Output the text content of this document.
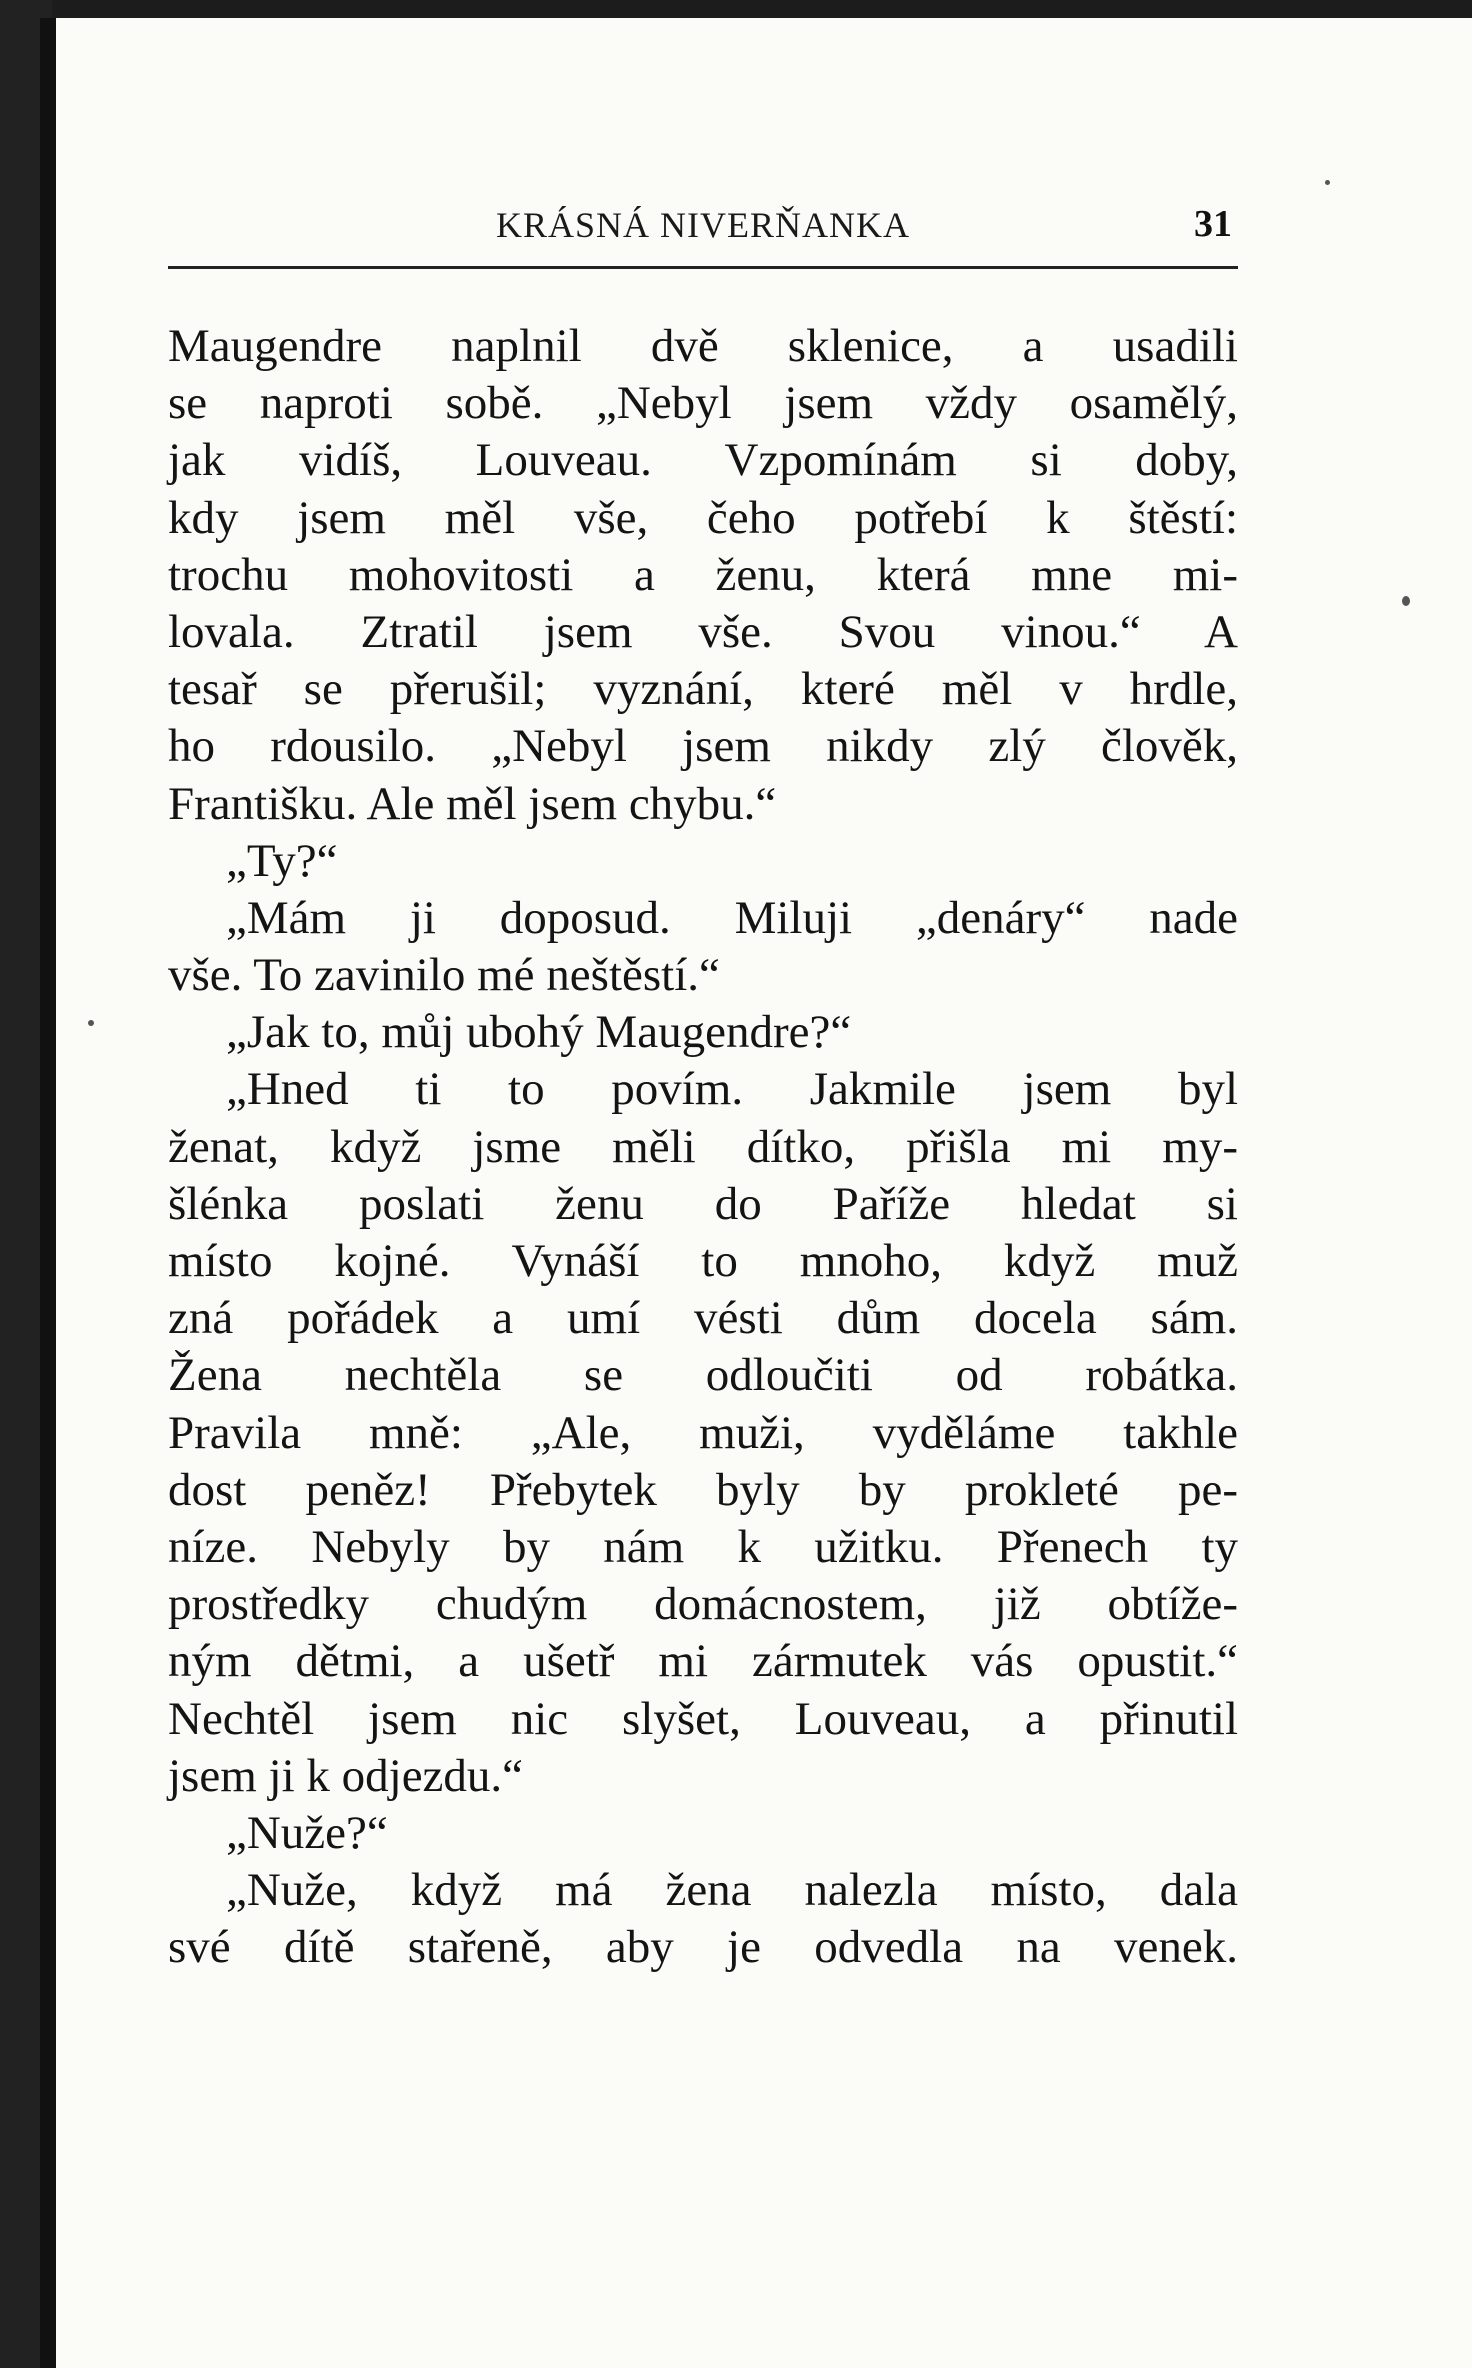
KRÁSNÁ NIVERŇANKA	31
Maugendre naplnil dvě sklenice, a usadili
se naproti sobě. „Nebyl jsem vždy osamělý,
jak vidíš, Louveau. Vzpomínám si doby,
kdy jsem měl vše, čeho potřebí k štěstí:
trochu mohovitosti a ženu, která mne mi-
lovala. Ztratil jsem vše. Svou vinou.“ A
tesař se přerušil; vyznání, které měl v hrdle,
ho rdousilo. „Nebyl jsem nikdy zlý člověk,
Františku. Ale měl jsem chybu.“
„Ty?“
„Mám ji doposud. Miluji „denáry“ nade
vše. To zavinilo mé neštěstí.“
„Jak to, můj ubohý Maugendre?“
„Hned ti to povím. Jakmile jsem byl
ženat, když jsme měli dítko, přišla mi my-
šlénka poslati ženu do Paříže hledat si
místo kojné. Vynáší to mnoho, když muž
zná pořádek a umí vésti dům docela sám.
Žena nechtěla se odloučiti od robátka.
Pravila mně: „Ale, muži, vyděláme takhle
dost peněz! Přebytek byly by prokleté pe-
níze. Nebyly by nám k užitku. Přenech ty
prostředky chudým domácnostem, již obtíže-
ným dětmi, a ušetř mi zármutek vás opustit.“
Nechtěl jsem nic slyšet, Louveau, a přinutil
jsem ji k odjezdu.“
„Nuže?“
„Nuže, když má žena nalezla místo, dala
své dítě stařeně, aby je odvedla na venek.
